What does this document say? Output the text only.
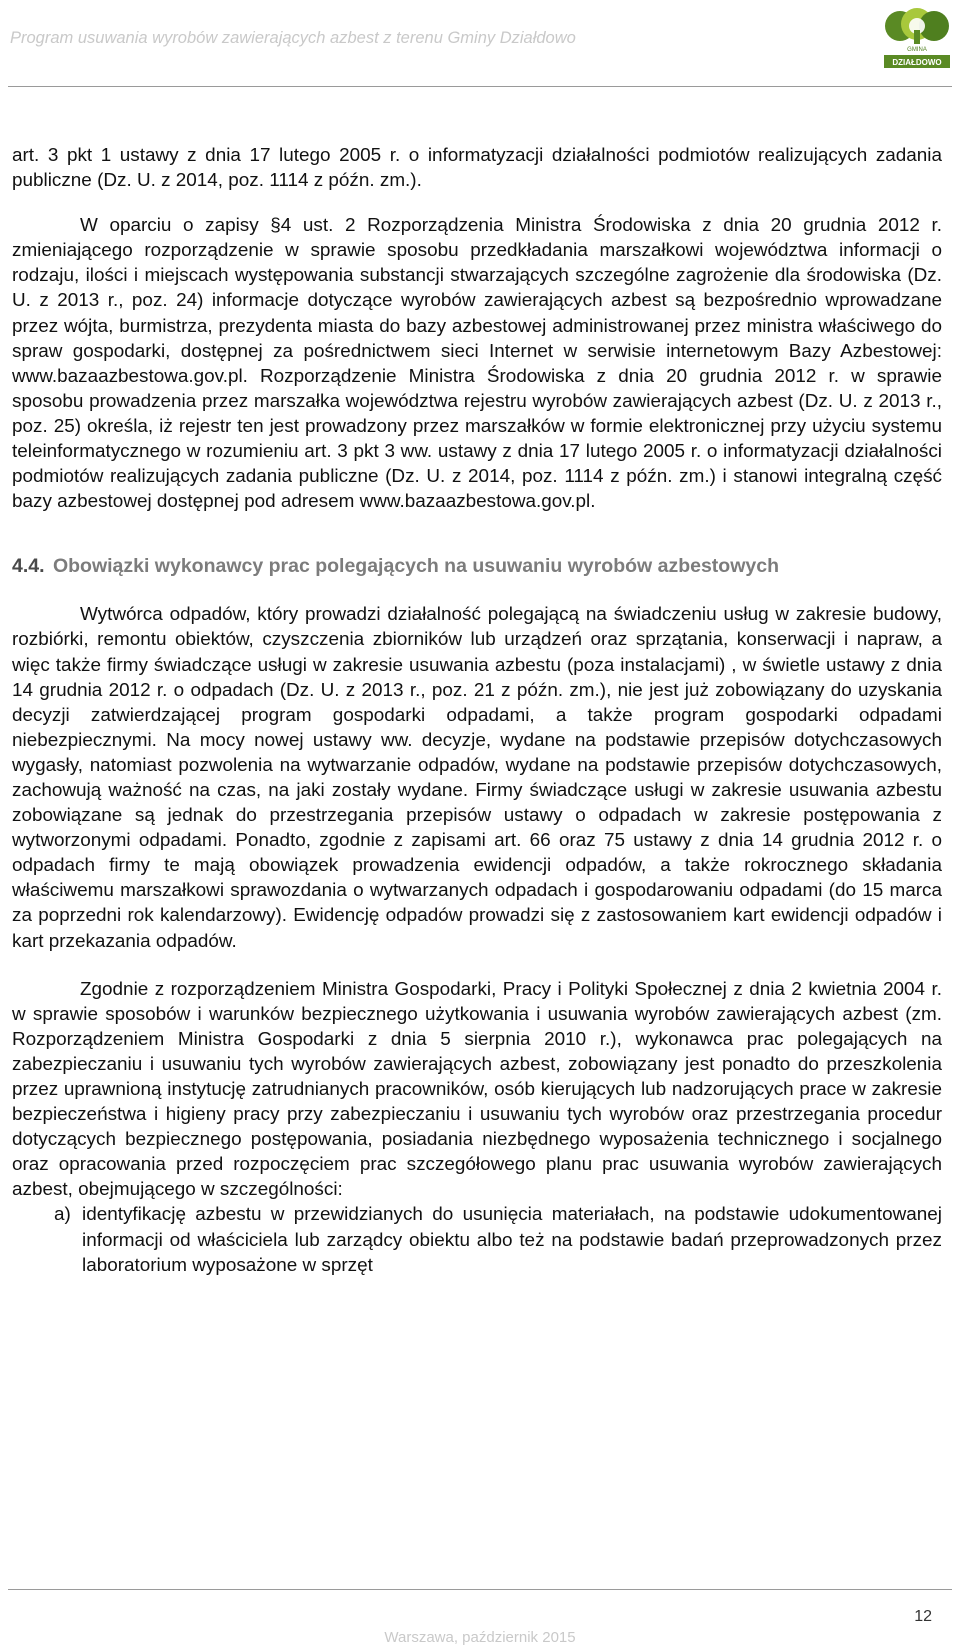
Program usuwania wyrobów zawierających azbest z terenu Gminy Działdowo
GMINA
DZIAŁDOWO

art. 3 pkt 1 ustawy z dnia 17 lutego 2005 r. o informatyzacji działalności podmiotów realizujących zadania publiczne (Dz. U. z 2014, poz. 1114 z późn. zm.).

W oparciu o zapisy §4 ust. 2 Rozporządzenia Ministra Środowiska z dnia 20 grudnia 2012 r. zmieniającego rozporządzenie w sprawie sposobu przedkładania marszałkowi województwa informacji o rodzaju, ilości i miejscach występowania substancji stwarzających szczególne zagrożenie dla środowiska (Dz. U. z 2013 r., poz. 24) informacje dotyczące wyrobów zawierających azbest są bezpośrednio wprowadzane przez wójta, burmistrza, prezydenta miasta do bazy azbestowej administrowanej przez ministra właściwego do spraw gospodarki, dostępnej za pośrednictwem sieci Internet w serwisie internetowym Bazy Azbestowej: www.bazaazbestowa.gov.pl. Rozporządzenie Ministra Środowiska z dnia 20 grudnia 2012 r. w sprawie sposobu prowadzenia przez marszałka województwa rejestru wyrobów zawierających azbest (Dz. U. z 2013 r., poz. 25) określa, iż rejestr ten jest prowadzony przez marszałków w formie elektronicznej przy użyciu systemu teleinformatycznego w rozumieniu art. 3 pkt 3 ww. ustawy z dnia 17 lutego 2005 r. o informatyzacji działalności podmiotów realizujących zadania publiczne (Dz. U. z 2014, poz. 1114 z późn. zm.) i stanowi integralną część bazy azbestowej dostępnej pod adresem www.bazaazbestowa.gov.pl.

4.4. Obowiązki wykonawcy prac polegających na usuwaniu wyrobów azbestowych

Wytwórca odpadów, który prowadzi działalność polegającą na świadczeniu usług w zakresie budowy, rozbiórki, remontu obiektów, czyszczenia zbiorników lub urządzeń oraz sprzątania, konserwacji i napraw, a więc także firmy świadczące usługi w zakresie usuwania azbestu (poza instalacjami) , w świetle ustawy z dnia 14 grudnia 2012 r. o odpadach (Dz. U. z 2013 r., poz. 21 z późn. zm.), nie jest już zobowiązany do uzyskania decyzji zatwierdzającej program gospodarki odpadami, a także program gospodarki odpadami niebezpiecznymi. Na mocy nowej ustawy ww. decyzje, wydane na podstawie przepisów dotychczasowych wygasły, natomiast pozwolenia na wytwarzanie odpadów, wydane na podstawie przepisów dotychczasowych, zachowują ważność na czas, na jaki zostały wydane. Firmy świadczące usługi w zakresie usuwania azbestu zobowiązane są jednak do przestrzegania przepisów ustawy o odpadach w zakresie postępowania z wytworzonymi odpadami. Ponadto, zgodnie z zapisami art. 66 oraz 75 ustawy z dnia 14 grudnia 2012 r. o odpadach firmy te mają obowiązek prowadzenia ewidencji odpadów, a także rokrocznego składania właściwemu marszałkowi sprawozdania o wytwarzanych odpadach i gospodarowaniu odpadami (do 15 marca za poprzedni rok kalendarzowy). Ewidencję odpadów prowadzi się z zastosowaniem kart ewidencji odpadów i kart przekazania odpadów.

Zgodnie z rozporządzeniem Ministra Gospodarki, Pracy i Polityki Społecznej z dnia 2 kwietnia 2004 r. w sprawie sposobów i warunków bezpiecznego użytkowania i usuwania wyrobów zawierających azbest (zm. Rozporządzeniem Ministra Gospodarki z dnia 5 sierpnia 2010 r.), wykonawca prac polegających na zabezpieczaniu i usuwaniu tych wyrobów zawierających azbest, zobowiązany jest ponadto do przeszkolenia przez uprawnioną instytucję zatrudnianych pracowników, osób kierujących lub nadzorujących prace w zakresie bezpieczeństwa i higieny pracy przy zabezpieczaniu i usuwaniu tych wyrobów oraz przestrzegania procedur dotyczących bezpiecznego postępowania, posiadania niezbędnego wyposażenia technicznego i socjalnego oraz opracowania przed rozpoczęciem prac szczegółowego planu prac usuwania wyrobów zawierających azbest, obejmującego w szczególności:

a) identyfikację azbestu w przewidzianych do usunięcia materiałach, na podstawie udokumentowanej informacji od właściciela lub zarządcy obiektu albo też na podstawie badań przeprowadzonych przez laboratorium wyposażone w sprzęt
12
Warszawa, październik 2015
